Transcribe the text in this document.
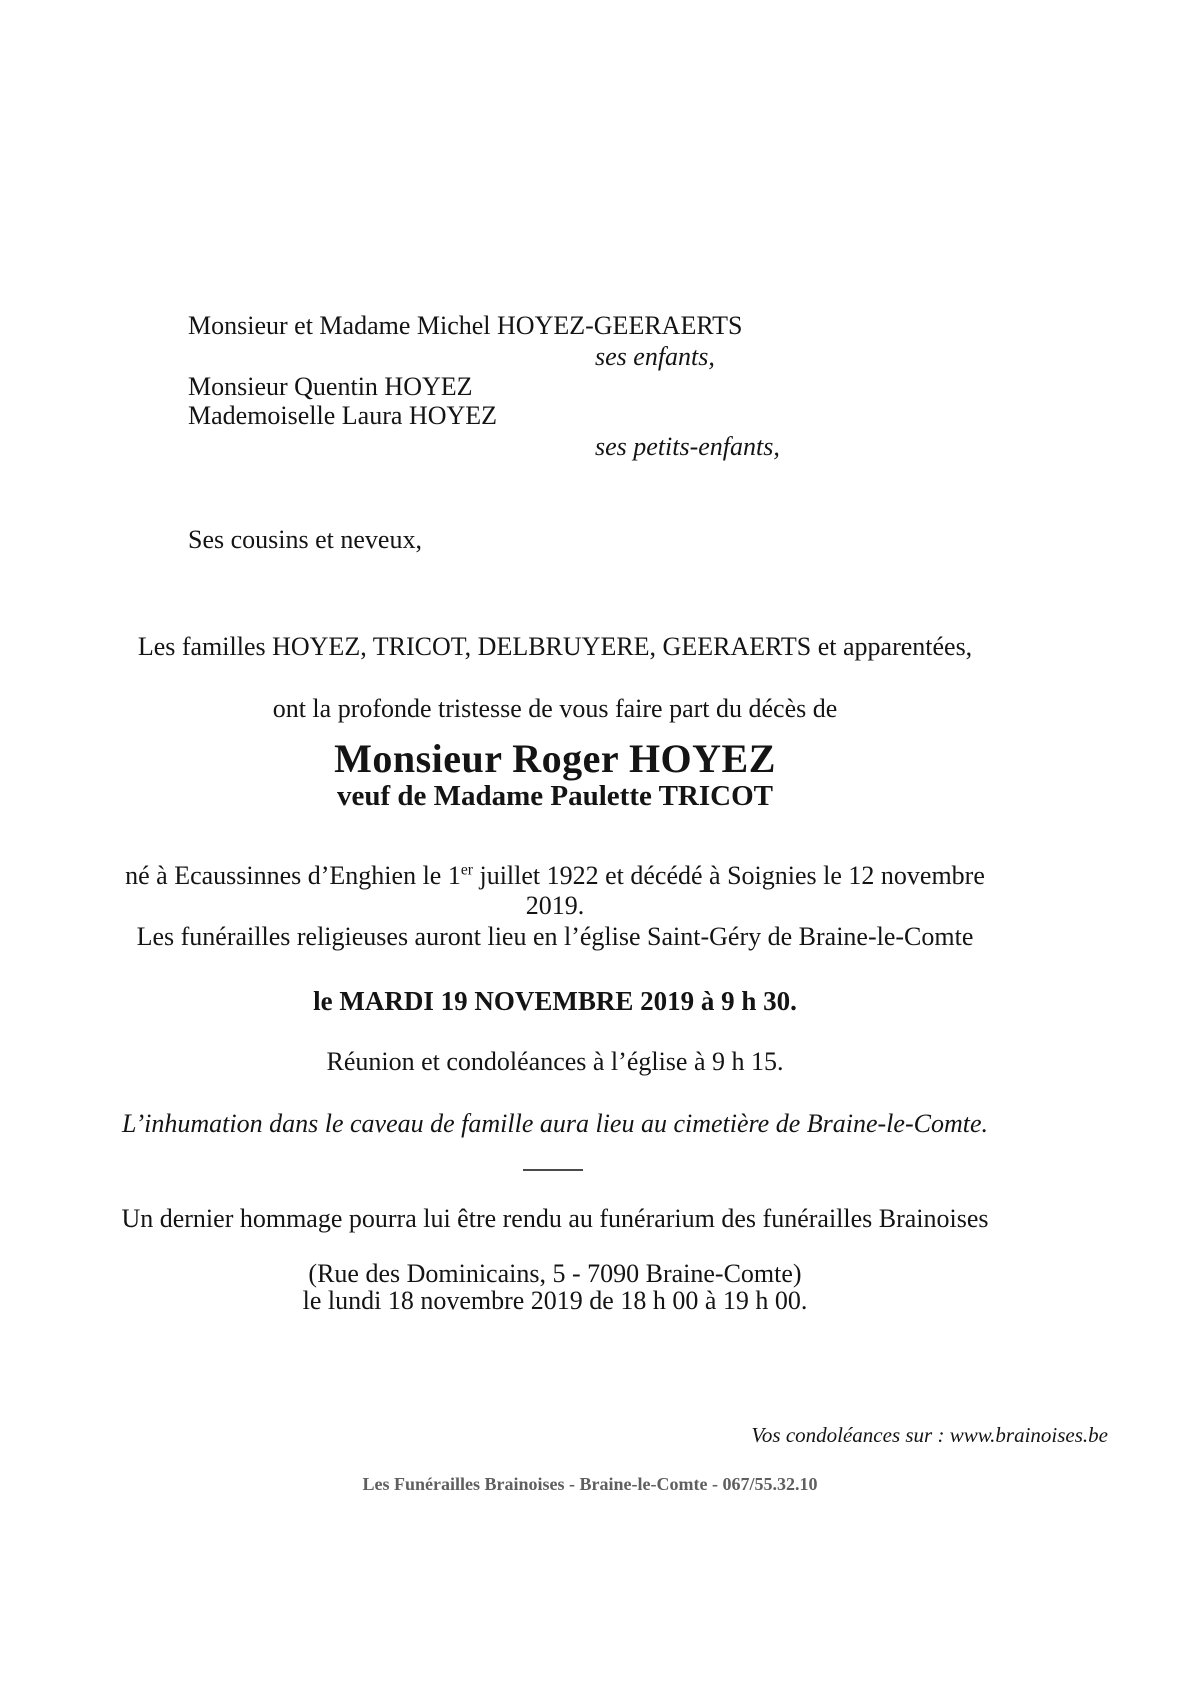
Monsieur et Madame Michel HOYEZ-GEERAERTS
ses enfants,
Monsieur Quentin HOYEZ
Mademoiselle Laura HOYEZ
ses petits-enfants,
Ses cousins et neveux,
Les familles HOYEZ, TRICOT, DELBRUYERE, GEERAERTS et apparentées,
ont la profonde tristesse de vous faire part du décès de
Monsieur Roger HOYEZ
veuf de Madame Paulette TRICOT
né à Ecaussinnes d’Enghien le 1er juillet 1922 et décédé à Soignies le 12 novembre 2019.
Les funérailles religieuses auront lieu en l’église Saint-Géry de Braine-le-Comte
le MARDI 19 NOVEMBRE 2019 à 9 h 30.
Réunion et condoléances à l’église à 9 h 15.
L’inhumation dans le caveau de famille aura lieu au cimetière de Braine-le-Comte.
Un dernier hommage pourra lui être rendu au funérarium des funérailles Brainoises
(Rue des Dominicains, 5 - 7090 Braine-Comte)
le lundi 18 novembre 2019 de 18 h 00 à 19 h 00.
Vos condoléances sur : www.brainoises.be
Les Funérailles Brainoises - Braine-le-Comte - 067/55.32.10
